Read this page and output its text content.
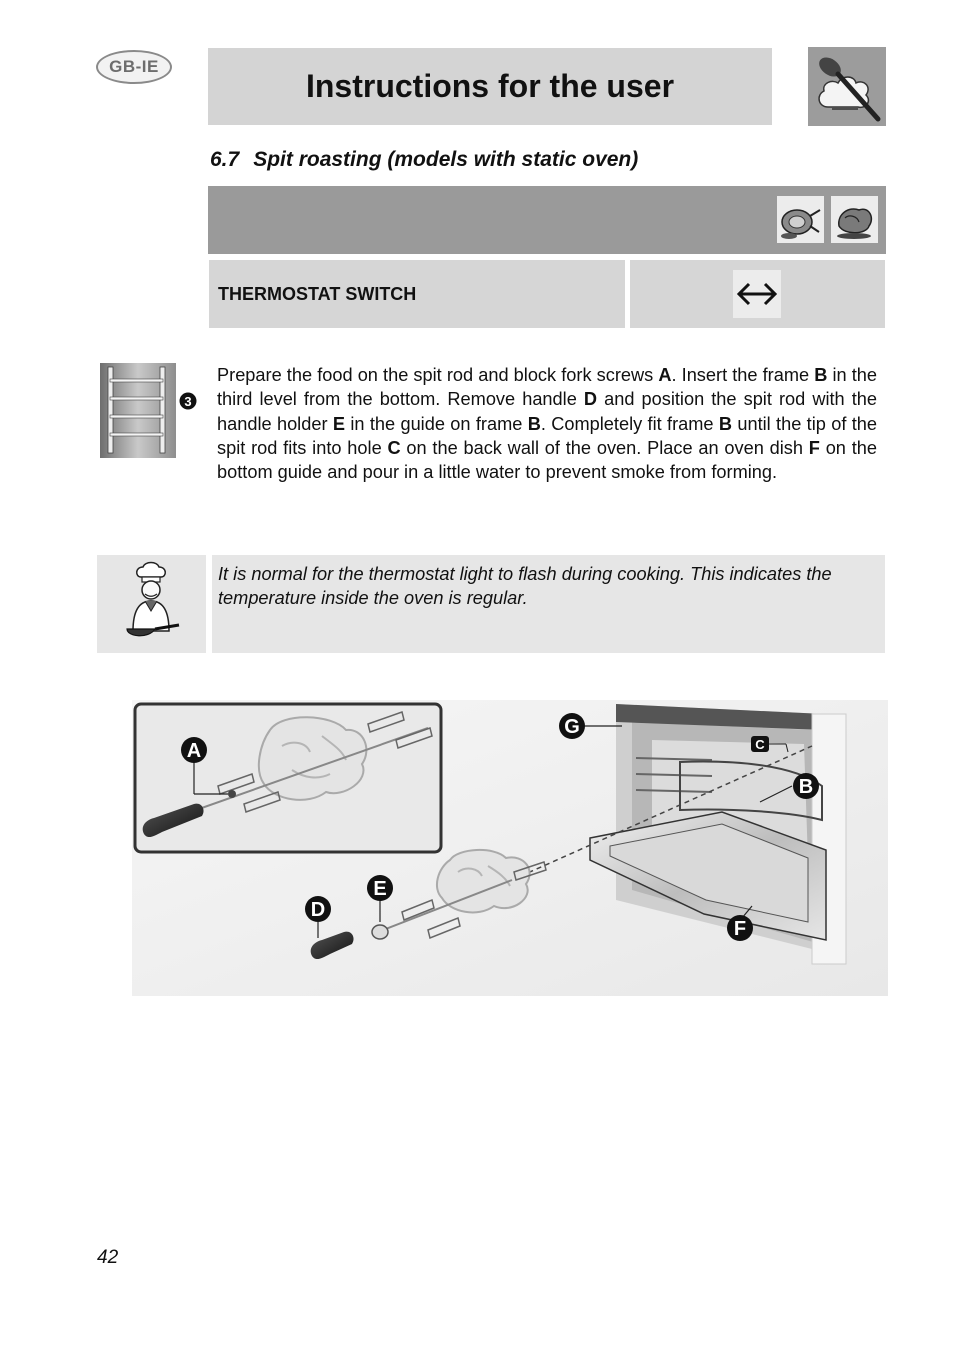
GB-IE
Instructions for the user
6.7 Spit roasting (models with static oven)
THERMOSTAT SWITCH
3
Prepare the food on the spit rod and block fork screws A. Insert the frame B in the third level from the bottom. Remove handle D and position the spit rod with the handle holder E in the guide on frame B. Completely fit frame B until the tip of the spit rod fits into hole C on the back wall of the oven. Place an oven dish F on the bottom guide and pour in a little water to prevent smoke from forming.
It is normal for the thermostat light to flash during cooking. This indicates the temperature inside the oven is regular.
A
G
C
B
F
E
D
42
